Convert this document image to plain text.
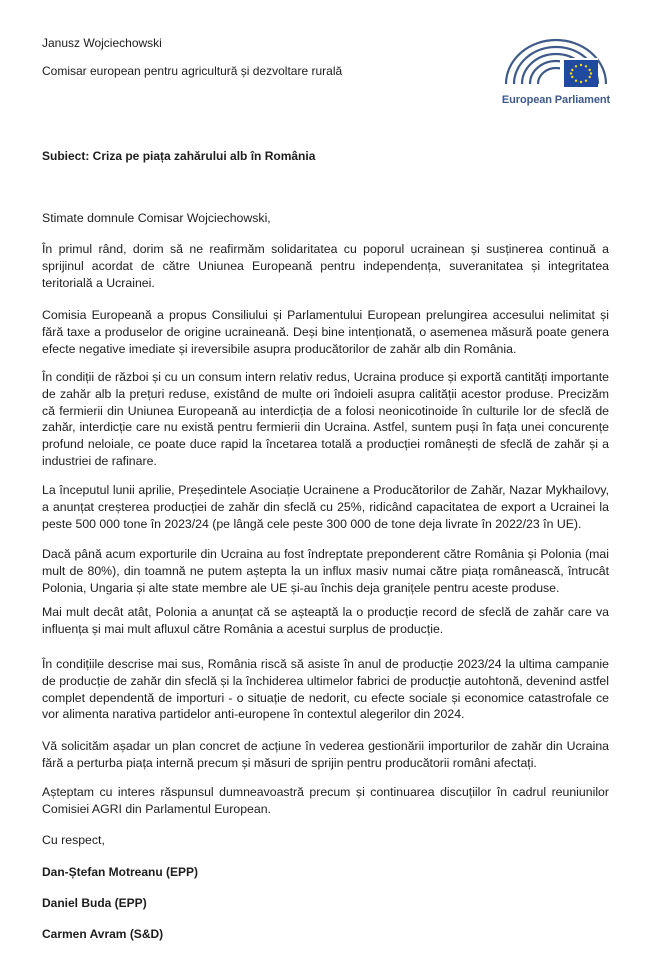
Janusz Wojciechowski
Comisar european pentru agricultură și dezvoltare rurală
European Parliament
Subiect: Criza pe piața zahărului alb în România
Stimate domnule Comisar Wojciechowski,

În primul rând, dorim să ne reafirmăm solidaritatea cu poporul ucrainean și susținerea continuă a sprijinul acordat de către Uniunea Europeană pentru independența, suveranitatea și integritatea teritorială a Ucrainei.

Comisia Europeană a propus Consiliului și Parlamentului European prelungirea accesului nelimitat și fără taxe a produselor de origine ucraineană. Deși bine intenționată, o asemenea măsură poate genera efecte negative imediate și ireversibile asupra producătorilor de zahăr alb din România.

În condiții de război și cu un consum intern relativ redus, Ucraina produce și exportă cantități importante de zahăr alb la prețuri reduse, existând de multe ori îndoieli asupra calității acestor produse. Precizăm că fermierii din Uniunea Europeană au interdicția de a folosi neonicotinoide în culturile lor de sfeclă de zahăr, interdicție care nu există pentru fermierii din Ucraina. Astfel, suntem puși în fața unei concurențe profund neloiale, ce poate duce rapid la încetarea totală a producției românești de sfeclă de zahăr și a industriei de rafinare.

La începutul lunii aprilie, Președintele Asociație Ucrainene a Producătorilor de Zahăr, Nazar Mykhailovy, a anunțat creșterea producției de zahăr din sfeclă cu 25%, ridicând capacitatea de export a Ucrainei la peste 500 000 tone în 2023/24 (pe lângă cele peste 300 000 de tone deja livrate în 2022/23 în UE).

Dacă până acum exporturile din Ucraina au fost îndreptate preponderent către România și Polonia (mai mult de 80%), din toamnă ne putem aștepta la un influx masiv numai către piața românească, întrucât Polonia, Ungaria și alte state membre ale UE și-au închis deja granițele pentru aceste produse.

Mai mult decât atât, Polonia a anunțat că se așteaptă la o producție record de sfeclă de zahăr care va influența și mai mult afluxul către România a acestui surplus de producție.

În condițiile descrise mai sus, România riscă să asiste în anul de producție 2023/24 la ultima campanie de producție de zahăr din sfeclă și la închiderea ultimelor fabrici de producție autohtonă, devenind astfel complet dependentă de importuri - o situație de nedorit, cu efecte sociale și economice catastrofale ce vor alimenta narativa partidelor anti-europene în contextul alegerilor din 2024.

Vă solicităm așadar un plan concret de acțiune în vederea gestionării importurilor de zahăr din Ucraina fără a perturba piața internă precum și măsuri de sprijin pentru producătorii români afectați.

Așteptam cu interes răspunsul dumneavoastră precum și continuarea discuțiilor în cadrul reuniunilor Comisiei AGRI din Parlamentul European.

Cu respect,
Dan-Ștefan Motreanu (EPP)
Daniel Buda (EPP)
Carmen Avram (S&D)
